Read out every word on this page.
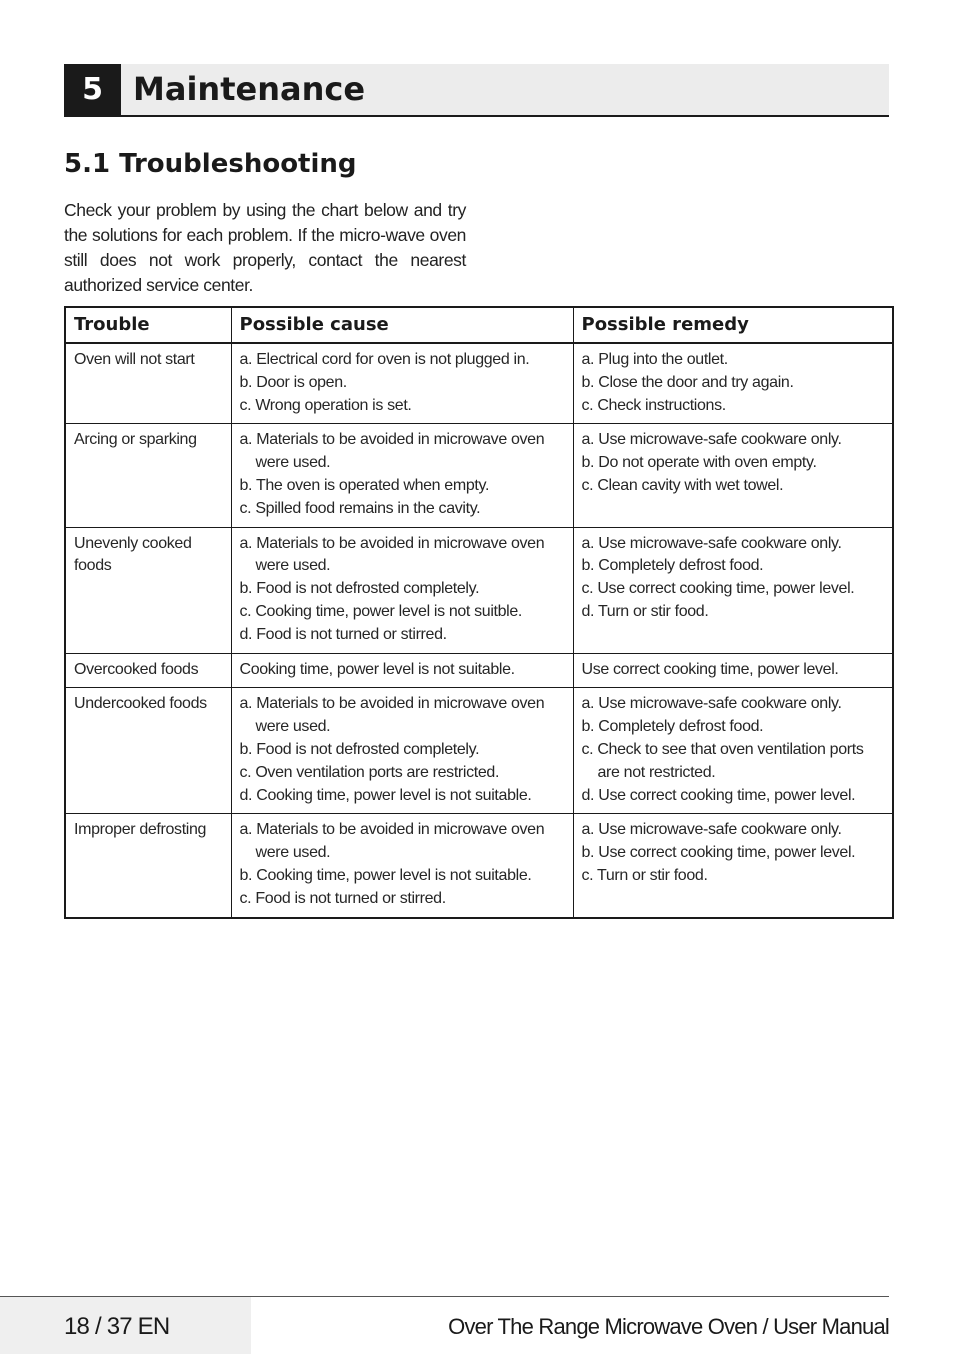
5 Maintenance
5.1 Troubleshooting

Check your problem by using the chart below and try the solutions for each problem. If the micro-wave oven still does not work properly, contact the nearest authorized service center.

Trouble	Possible cause	Possible remedy

Oven will not start	a. Electrical cord for oven is not plugged in.
b. Door is open.
c. Wrong operation is set.	a. Plug into the outlet.
b. Close the door and try again.
c. Check instructions.

Arcing or sparking	a. Materials to be avoided in microwave oven were used.
b. The oven is operated when empty.
c. Spilled food remains in the cavity.	a. Use microwave-safe cookware only.
b. Do not operate with oven empty.
c. Clean cavity with wet towel.

Unevenly cooked foods	a. Materials to be avoided in microwave oven were used.
b. Food is not defrosted completely.
c. Cooking time, power level is not suitble.
d. Food is not turned or stirred.	a. Use microwave-safe cookware only.
b. Completely defrost food.
c. Use correct cooking time, power level.
d. Turn or stir food.

Overcooked foods	Cooking time, power level is not suitable.	Use correct cooking time, power level.

Undercooked foods	a. Materials to be avoided in microwave oven were used.
b. Food is not defrosted completely.
c. Oven ventilation ports are restricted.
d. Cooking time, power level is not suitable.	a. Use microwave-safe cookware only.
b. Completely defrost food.
c. Check to see that oven ventilation ports are not restricted.
d. Use correct cooking time, power level.

Improper defrosting	a. Materials to be avoided in microwave oven were used.
b. Cooking time, power level is not suitable.
c. Food is not turned or stirred.	a. Use microwave-safe cookware only.
b. Use correct cooking time, power level.
c. Turn or stir food.
18 / 37 EN	Over The Range Microwave Oven / User Manual
